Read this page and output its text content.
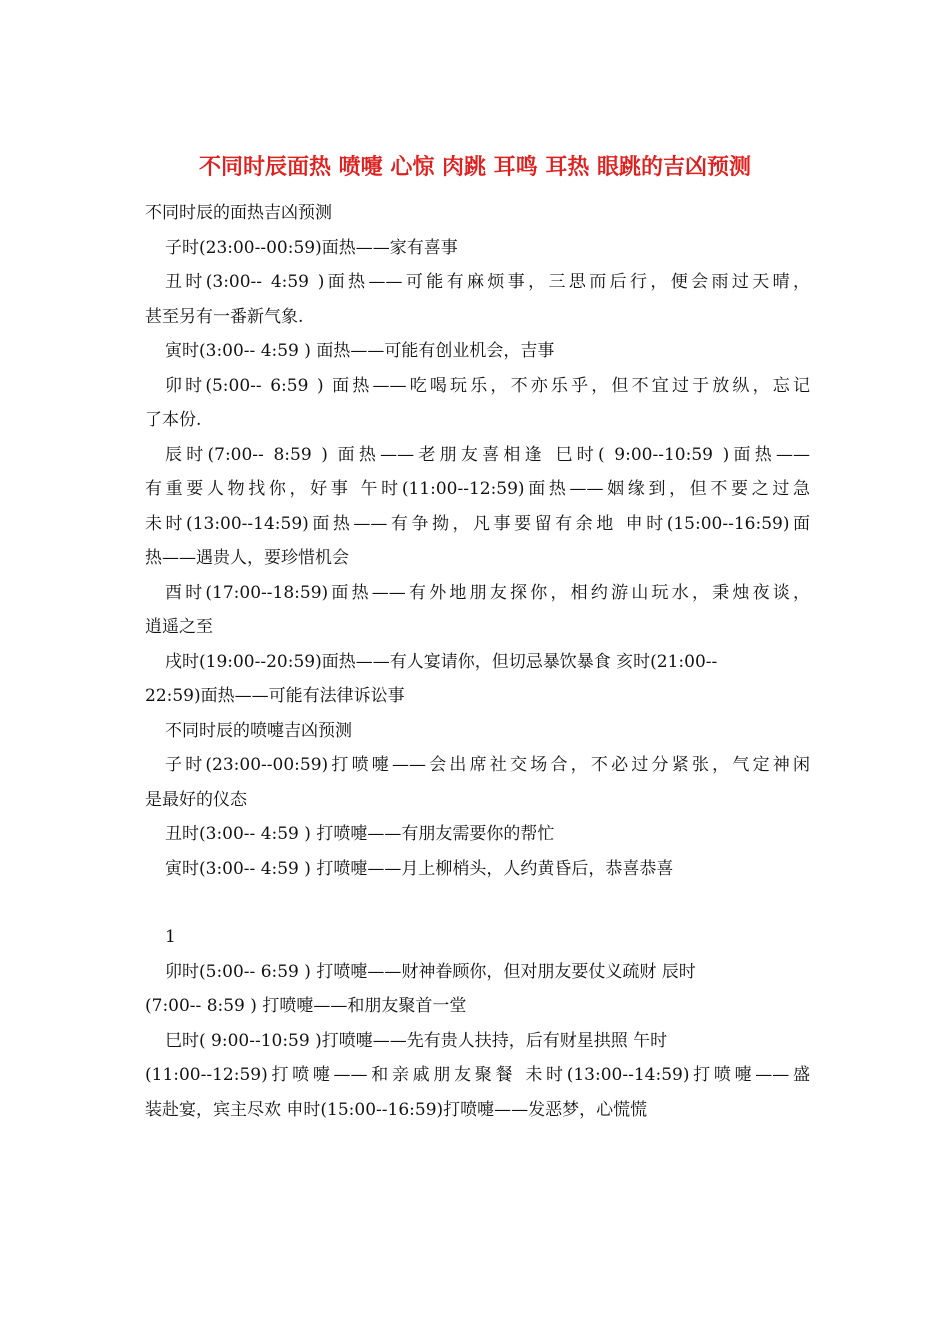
不同时辰面热 喷嚏 心惊 肉跳 耳鸣 耳热 眼跳的吉凶预测
不同时辰的面热吉凶预测
子时(23:00--00:59)面热——家有喜事
丑时(3:00-- 4:59 )面热——可能有麻烦事，三思而后行，便会雨过天晴，
甚至另有一番新气象.
寅时(3:00-- 4:59 ) 面热——可能有创业机会，吉事
卯时(5:00-- 6:59 ) 面热——吃喝玩乐，不亦乐乎，但不宜过于放纵，忘记
了本份.
辰时(7:00-- 8:59 ) 面热——老朋友喜相逢 巳时( 9:00--10:59 )面热——
有重要人物找你，好事 午时(11:00--12:59)面热——姻缘到，但不要之过急
未时(13:00--14:59)面热——有争拗，凡事要留有余地 申时(15:00--16:59)面
热——遇贵人，要珍惜机会
酉时(17:00--18:59)面热——有外地朋友探你，相约游山玩水，秉烛夜谈，
逍遥之至
戌时(19:00--20:59)面热——有人宴请你，但切忌暴饮暴食 亥时(21:00--
22:59)面热——可能有法律诉讼事
不同时辰的喷嚏吉凶预测
子时(23:00--00:59)打喷嚏——会出席社交场合，不必过分紧张，气定神闲
是最好的仪态
丑时(3:00-- 4:59 ) 打喷嚏——有朋友需要你的帮忙
寅时(3:00-- 4:59 ) 打喷嚏——月上柳梢头，人约黄昏后，恭喜恭喜
1
卯时(5:00-- 6:59 ) 打喷嚏——财神眷顾你，但对朋友要仗义疏财 辰时
(7:00-- 8:59 ) 打喷嚏——和朋友聚首一堂
巳时( 9:00--10:59 )打喷嚏——先有贵人扶持，后有财星拱照 午时
(11:00--12:59)打喷嚏——和亲戚朋友聚餐 未时(13:00--14:59)打喷嚏——盛
装赴宴，宾主尽欢 申时(15:00--16:59)打喷嚏——发恶梦，心慌慌
